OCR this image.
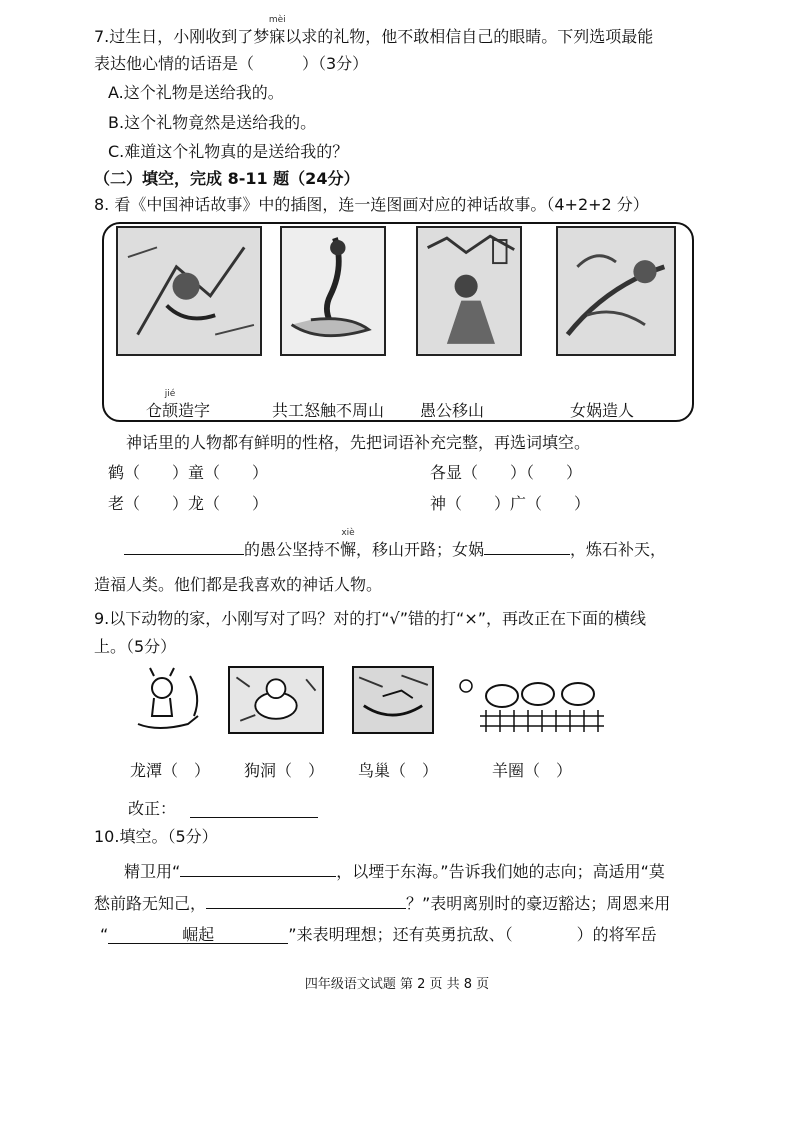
7.过生日，小刚收到了梦寐
mèi
以求的礼物，他不敢相信自己的眼睛。下列选项最能
表达他心情的话语是（　　　）（3分）
A.这个礼物是送给我的。
B.这个礼物竟然是送给我的。
C.难道这个礼物真的是送给我的？
（二）填空，完成 8-11 题（24分）
8. 看《中国神话故事》中的插图，连一连图画对应的神话故事。（4+2+2 分）
仓颉
jié
造字	共工怒触不周山 愚公移山	女娲造人
神话里的人物都有鲜明的性格，先把词语补充完整，再选词填空。
鹤（　　）童（　　）	各显（　　）（　　）
老（　　）龙（　　）	神（　　）广（　　）
的愚公坚持不懈
xiè
，移山开路；女娲	，炼石补天，
造福人类。他们都是我喜欢的神话人物。
9.以下动物的家，小刚写对了吗？对的打“√”错的打“×”，再改正在下面的横线
上。（5分）
龙潭（　） 狗洞（　） 鸟巢（　）	羊圈（　）
改正：
10.填空。（5分）
精卫用“	，以堙于东海。”告诉我们她的志向；高适用“莫
愁前路无知己，	？”表明离别时的豪迈豁达；周恩来用
“	崛起	”来表明理想；还有英勇抗敌、（　　　　）的将军岳
四年级语文试题 第 2 页 共 8 页
